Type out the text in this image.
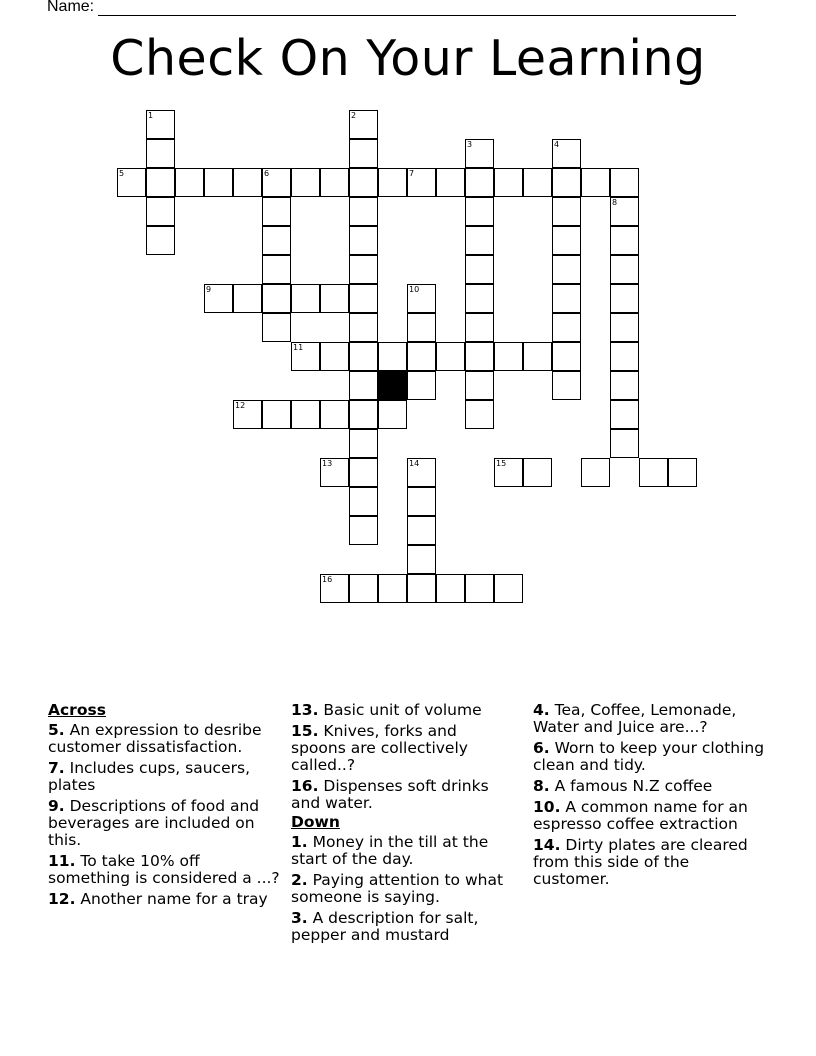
Name:
Check On Your Learning
1	2
3	4
5	6	7
8
9	10
11
12
13	14	15
16
Across
5. An expression to desribe customer dissatisfaction.
7. Includes cups, saucers, plates
9. Descriptions of food and beverages are included on this.
11. To take 10% off something is considered a ...?
12. Another name for a tray
13. Basic unit of volume
15. Knives, forks and spoons are collectively called..?
16. Dispenses soft drinks and water.
Down
1. Money in the till at the start of the day.
2. Paying attention to what someone is saying.
3. A description for salt, pepper and mustard
4. Tea, Coffee, Lemonade, Water and Juice are...?
6. Worn to keep your clothing clean and tidy.
8. A famous N.Z coffee
10. A common name for an espresso coffee extraction
14. Dirty plates are cleared from this side of the customer.
